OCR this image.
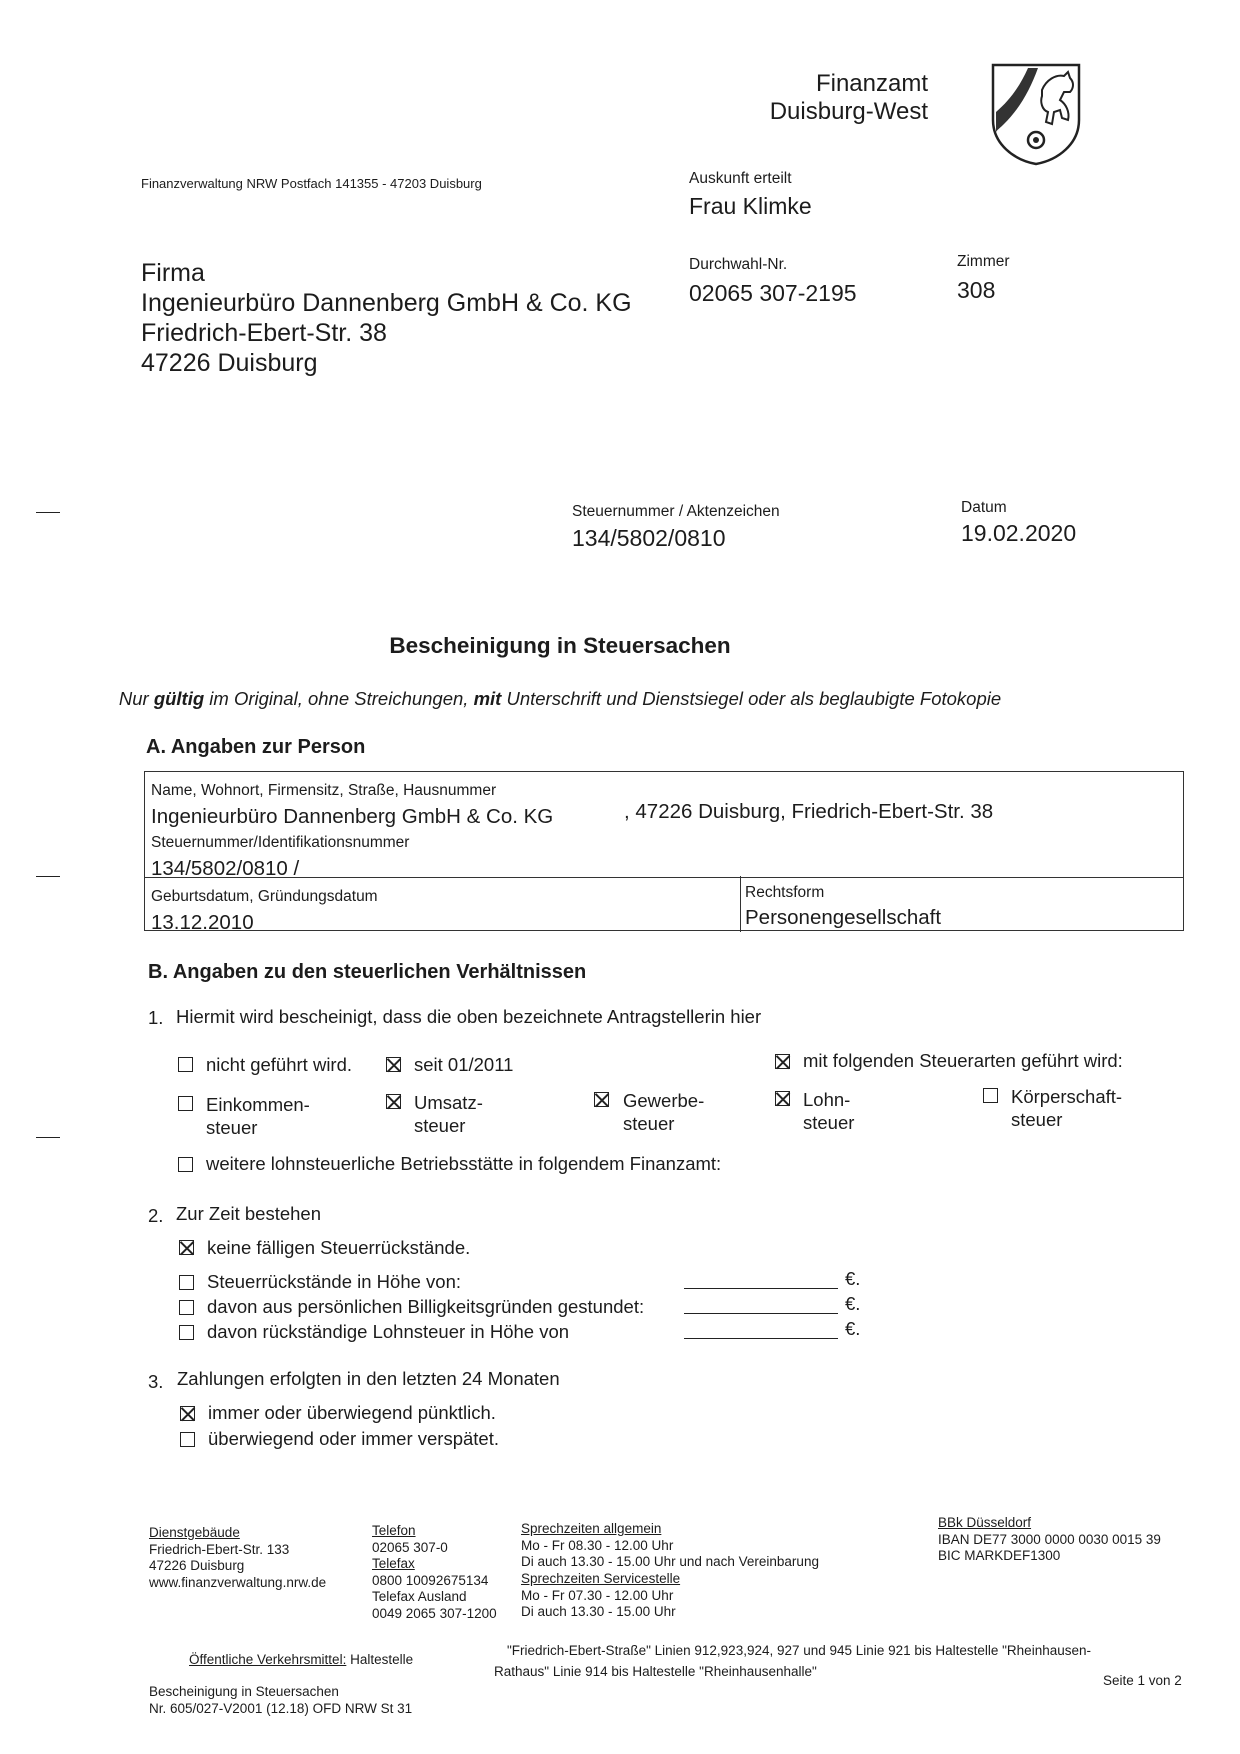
Finanzamt
Duisburg-West
Finanzverwaltung NRW Postfach 141355 - 47203 Duisburg	Auskunft erteilt
Frau Klimke
Durchwahl-Nr.
02065 307-2195
Zimmer
308
Firma
Ingenieurbüro Dannenberg GmbH & Co. KG
Friedrich-Ebert-Str. 38
47226 Duisburg
Steuernummer / Aktenzeichen
134/5802/0810
Datum
19.02.2020
Bescheinigung in Steuersachen
Nur gültig im Original, ohne Streichungen, mit Unterschrift und Dienstsiegel oder als beglaubigte Fotokopie
A. Angaben zur Person
Name, Wohnort, Firmensitz, Straße, Hausnummer
Ingenieurbüro Dannenberg GmbH & Co. KG	, 47226 Duisburg, Friedrich-Ebert-Str. 38
Steuernummer/Identifikationsnummer
134/5802/0810 /
Geburtsdatum, Gründungsdatum
13.12.2010
Rechtsform
Personengesellschaft
B. Angaben zu den steuerlichen Verhältnissen
1. Hiermit wird bescheinigt, dass die oben bezeichnete Antragstellerin hier
nicht geführt wird.	seit 01/2011	mit folgenden Steuerarten geführt wird:
Einkommen-
steuer
Umsatz-
steuer
Gewerbe-
steuer
Lohn-
steuer
Körperschaft-
steuer
weitere lohnsteuerliche Betriebsstätte in folgendem Finanzamt:
2. Zur Zeit bestehen
keine fälligen Steuerrückstände.
Steuerrückstände in Höhe von:
davon aus persönlichen Billigkeitsgründen gestundet:
davon rückständige Lohnsteuer in Höhe von
€.
€.
€.
3. Zahlungen erfolgten in den letzten 24 Monaten
immer oder überwiegend pünktlich.
überwiegend oder immer verspätet.
Dienstgebäude
Friedrich-Ebert-Str. 133
47226 Duisburg
www.finanzverwaltung.nrw.de
Telefon
02065 307-0
Telefax
0800 10092675134
Telefax Ausland
0049 2065 307-1200
Sprechzeiten allgemein
Mo - Fr 08.30 - 12.00 Uhr
Di auch 13.30 - 15.00 Uhr und nach Vereinbarung
Sprechzeiten Servicestelle
Mo - Fr 07.30 - 12.00 Uhr
Di auch 13.30 - 15.00 Uhr
BBk Düsseldorf
IBAN DE77 3000 0000 0030 0015 39
BIC MARKDEF1300
Öffentliche Verkehrsmittel: Haltestelle
"Friedrich-Ebert-Straße" Linien 912,923,924, 927 und 945 Linie 921 bis Haltestelle "Rheinhausen-
Rathaus" Linie 914 bis Haltestelle "Rheinhausenhalle"
Bescheinigung in Steuersachen
Nr. 605/027-V2001 (12.18) OFD NRW St 31
Seite 1 von 2
